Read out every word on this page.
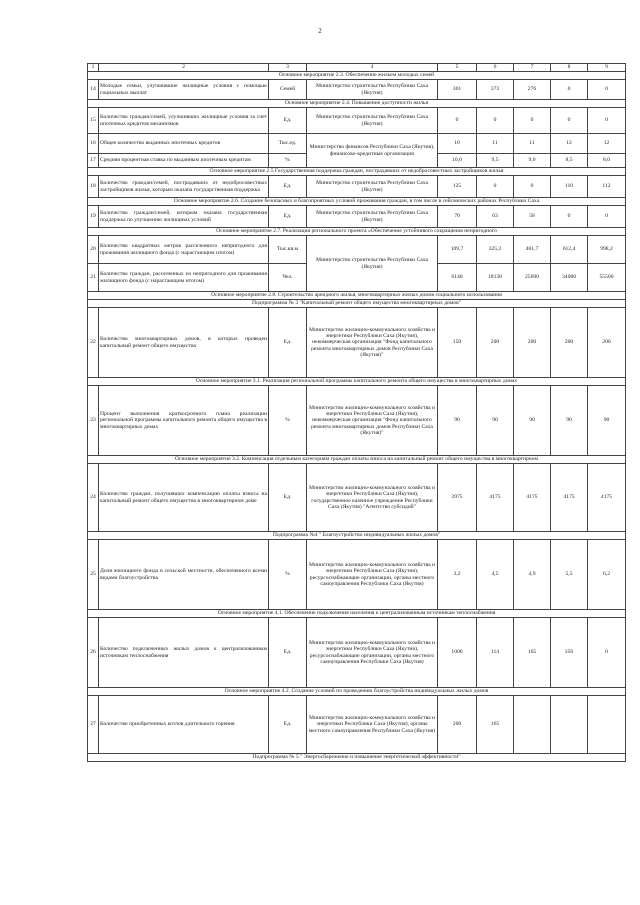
2
1	2	3	4	5	6	7	8	9
Основное мероприятие 2.3. Обеспечение жильем молодых семей								
14	Молодые семьи, улучшившие жилищные условия с помощью социальных выплат	Семей	Министерство строительства Республики Саха (Якутия)	361	373	276	0	0
Основное мероприятие 2.4. Повышение доступности жилья								
15	Количество граждан/семей, улучшивших жилищные условия за счет ипотечных кредитов механизмов	Ед.	Министерство строительства Республики Саха (Якутия)	0	0	0	0	0
16	Общее количество выданных ипотечных кредитов	Тыс.ед.	Министерство финансов Республики Саха (Якутия), финансово-кредитные организации	10	11	11	12	12
17	Средняя процентная ставка по выданным ипотечным кредитам	%		10,0	9,5	9,0	8,5	8,0
Основное мероприятие 2.5 Государственная поддержка граждан, пострадавших от недобросовестных застройщиков жилья								
18	Количество граждан/семей, пострадавших от недобросовестных застройщиков жилья, которым оказана государственная поддержка	Ед.	Министерство строительства Республики Саха (Якутия)	125	0	0	110	112
Основное мероприятие 2.6. Создание безопасных и благоприятных условий проживания граждан, в том числе в сейсмических районах Республики Саха								
19	Количество граждан/семей, которым оказана государственная поддержка по улучшению жилищных условий	Ед.	Министерство строительства Республики Саха (Якутия)	70	63	58	0	0
Основное мероприятие 2.7. Реализация регионального проекта «Обеспечение устойчивого сокращения непригодного								
20	Количество квадратных метров расселенного непригодного для проживания жилищного фонда (с нарастающим итогом)	Тыс.кв.м	Министерство строительства Республики Саха (Якутия)	109,7	325,2	461,7	612,4	998,2
21	Количество граждан, расселенных из непригодного для проживания жилищного фонда (с нарастающим итогом)	Чел.		6140	18130	25690	34080	55500
Основное мероприятие 2.8. Строительство арендного жилья, многоквартирных жилых домов социального использования								
Подпрограмма № 3 "Капитальный ремонт общего имущества многоквартирных домов"								
22	Количество многоквартирных домов, в которых проведен капитальный ремонт общего имущества	Ед.	Министерство жилищно-коммунального хозяйства и энергетики Республики Саха (Якутия), некоммерческая организация "Фонд капитального ремонта многоквартирных домов Республики Саха (Якутия)"	150	200	200	200	200
Основное мероприятие 3.1. Реализация региональной программы капитального ремонта общего имущества в многоквартирных домах								
23	Процент выполнения краткосрочного плана реализации региональной программы капитального ремонта общего имущества в многоквартирных домах	%	Министерство жилищно-коммунального хозяйства и энергетики Республики Саха (Якутия), некоммерческая организация "Фонд капитального ремонта многоквартирных домов Республики Саха (Якутия)"	90	90	90	90	90
Основное мероприятие 3.2. Компенсация отдельным категориям граждан оплаты взноса на капитальный ремонт общего имущества в многоквартирном								
24	Количество граждан, получивших компенсацию оплаты взноса на капитальный ремонт общего имущества в многоквартирном доме	Ед.	Министерство жилищно-коммунального хозяйства и энергетики Республики Саха (Якутия), государственное казенное учреждение Республики Саха (Якутия) "Агентство субсидий"	3975	4175	4175	4175	4175
Подпрограмма №4 " Благоустройство индивидуальных жилых домов"								
25	Доля жилищного фонда в сельской местности, обеспеченного всеми видами благоустройства	%	Министерство жилищно-коммунального хозяйства и энергетики Республики Саха (Якутия), ресурсоснабжающие организации, органы местного самоуправления Республики Саха (Якутия)	3,2	4,5	4,9	5,5	6,2
Основное мероприятие 4.1. Обеспечение подключения населения к централизованным источникам теплоснабжения								
26	Количество подключенных жилых домов к централизованным источникам теплоснабжения	Ед.	Министерство жилищно-коммунального хозяйства и энергетики Республики Саха (Якутия), ресурсоснабжающие организации, органы местного самоуправления Республики Саха (Якутия)	1000	114	165	356	0
Основное мероприятие 4.2. Создание условий по проведению благоустройства индивидуальных жилых домов								
27	Количество приобретенных котлов длительного горения	Ед.	Министерство жилищно-коммунального хозяйства и энергетики Республики Саха (Якутия), органы местного самоуправления Республики Саха (Якутия)	200	165			
Подпрограмма № 5 " Энергосбережение и повышение энергетической эффективности"								
